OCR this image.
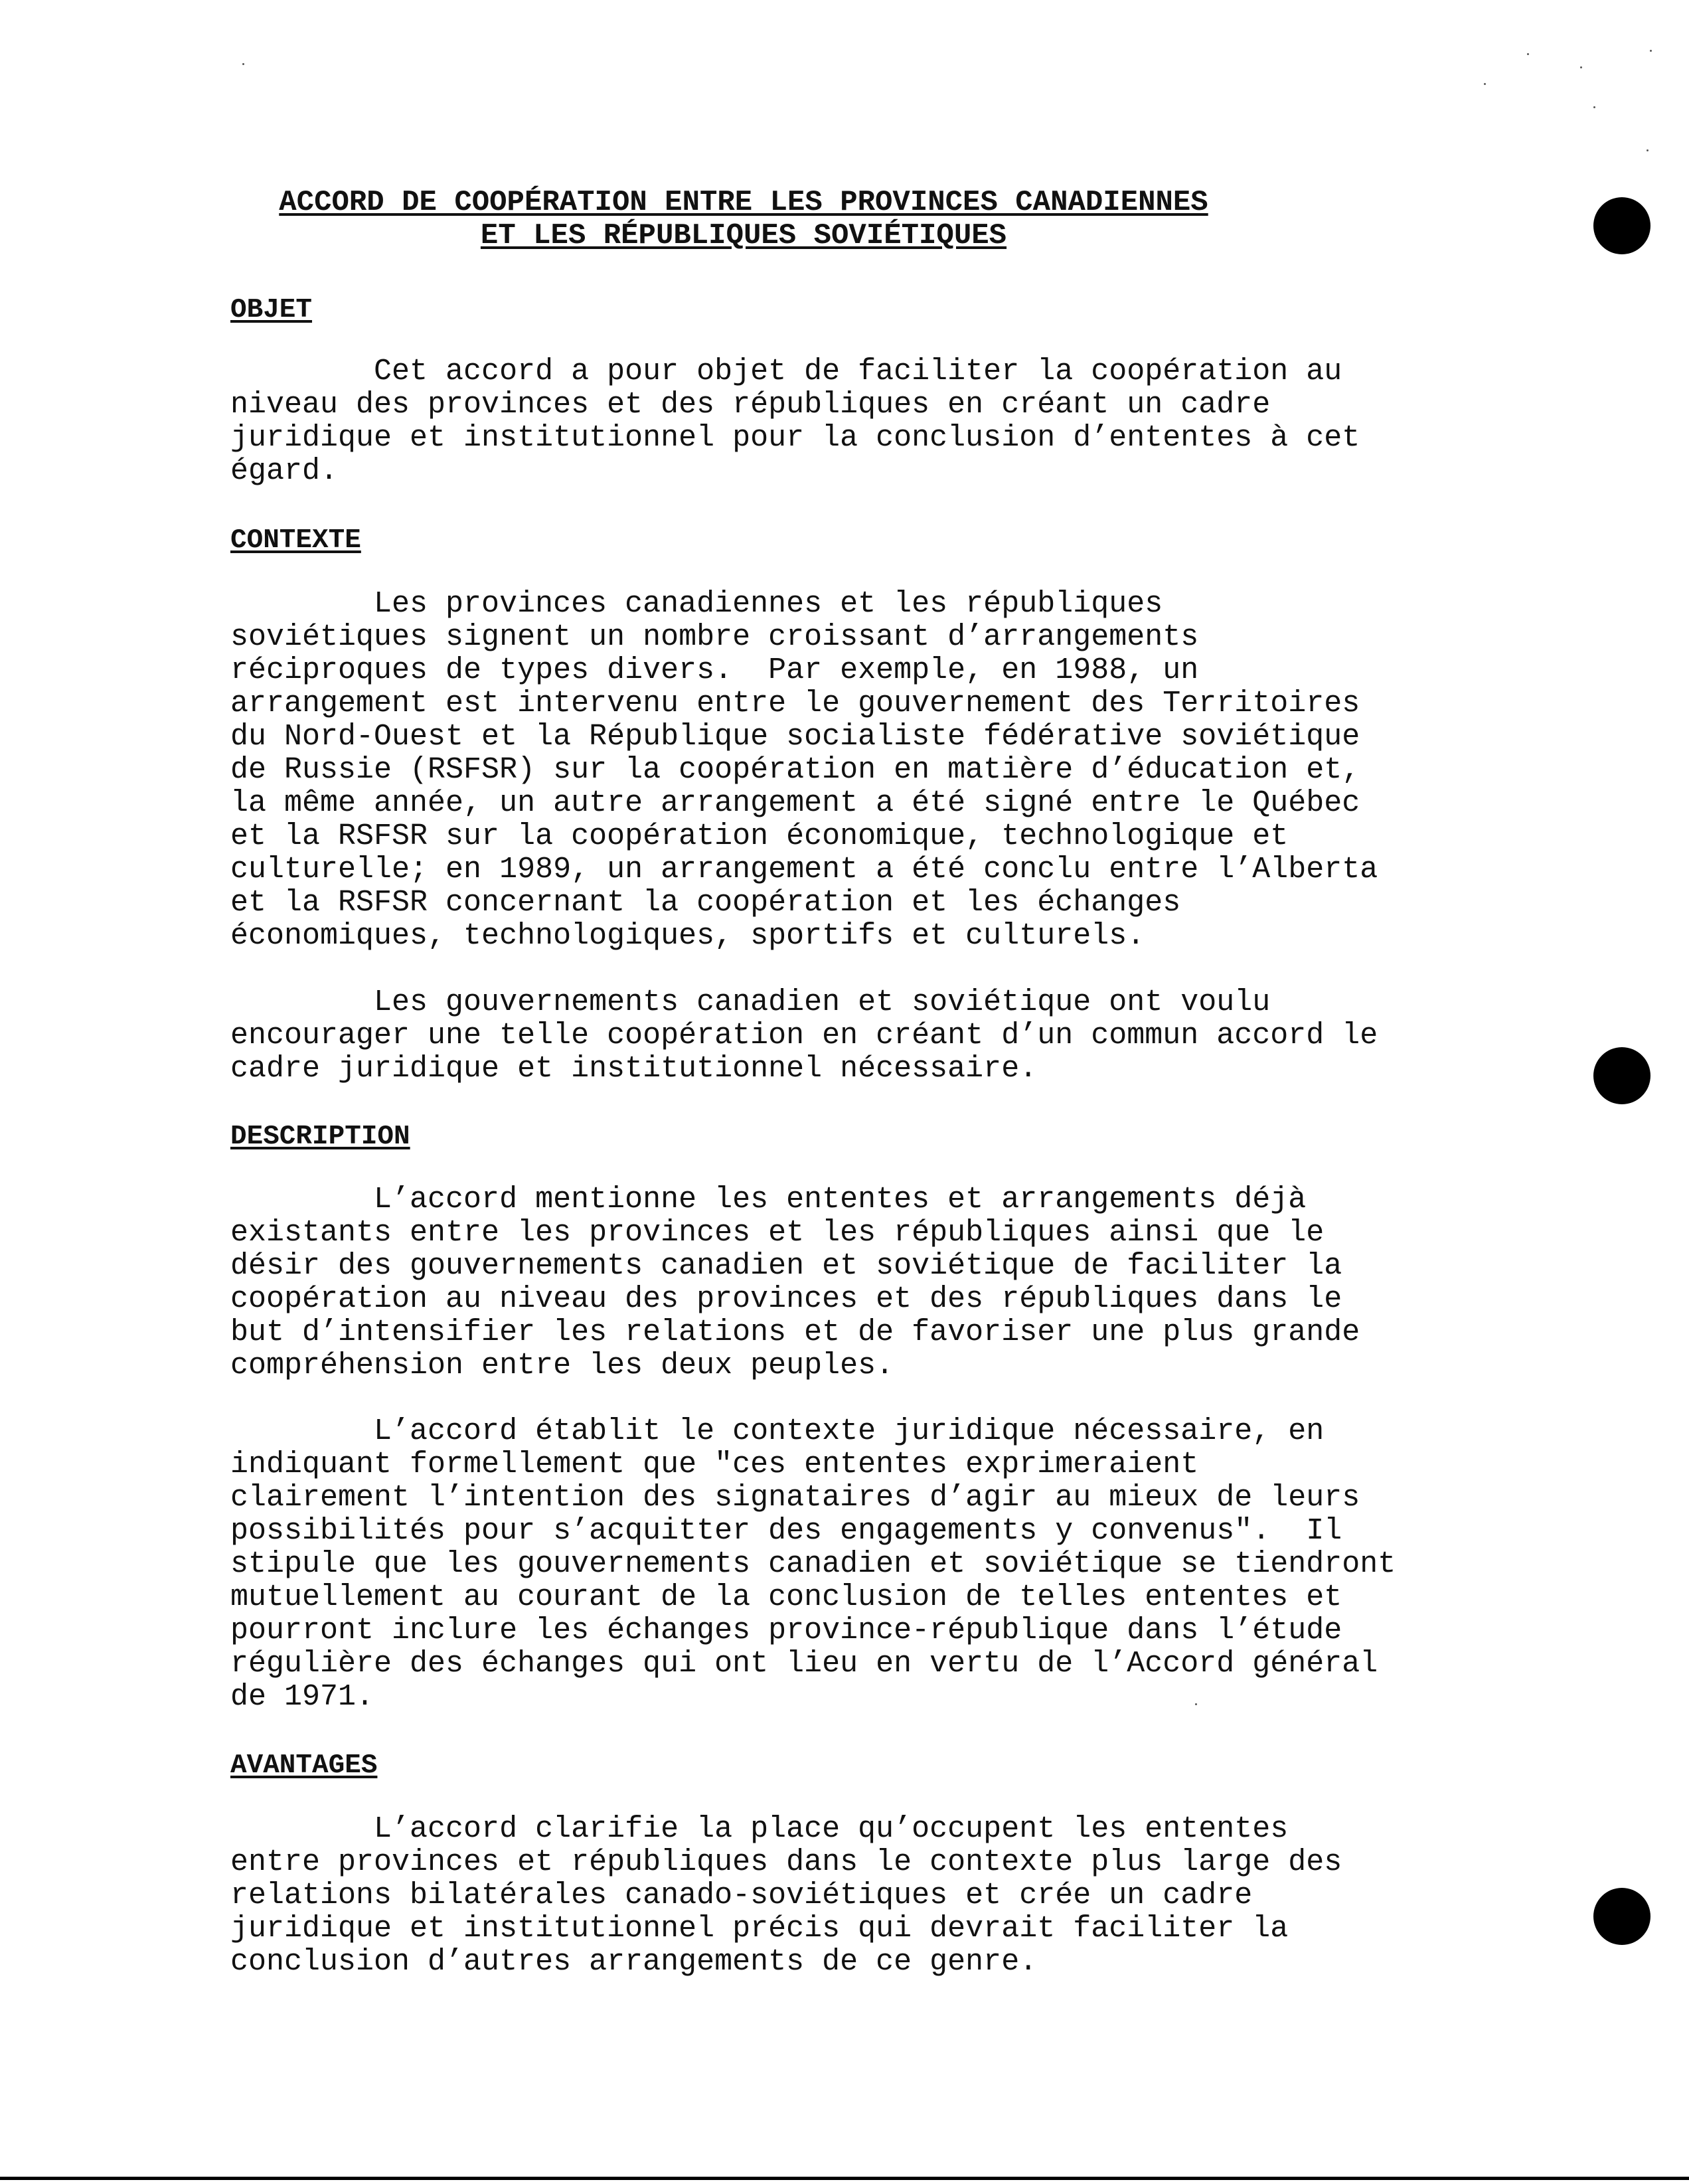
ACCORD DE COOPÉRATION ENTRE LES PROVINCES CANADIENNES
ET LES RÉPUBLIQUES SOVIÉTIQUES
OBJET
Cet accord a pour objet de faciliter la coopération au
niveau des provinces et des républiques en créant un cadre
juridique et institutionnel pour la conclusion d’ententes à cet
égard.
CONTEXTE
Les provinces canadiennes et les républiques
soviétiques signent un nombre croissant d’arrangements
réciproques de types divers.  Par exemple, en 1988, un
arrangement est intervenu entre le gouvernement des Territoires
du Nord-Ouest et la République socialiste fédérative soviétique
de Russie (RSFSR) sur la coopération en matière d’éducation et,
la même année, un autre arrangement a été signé entre le Québec
et la RSFSR sur la coopération économique, technologique et
culturelle; en 1989, un arrangement a été conclu entre l’Alberta
et la RSFSR concernant la coopération et les échanges
économiques, technologiques, sportifs et culturels.
Les gouvernements canadien et soviétique ont voulu
encourager une telle coopération en créant d’un commun accord le
cadre juridique et institutionnel nécessaire.
DESCRIPTION
L’accord mentionne les ententes et arrangements déjà
existants entre les provinces et les républiques ainsi que le
désir des gouvernements canadien et soviétique de faciliter la
coopération au niveau des provinces et des républiques dans le
but d’intensifier les relations et de favoriser une plus grande
compréhension entre les deux peuples.
L’accord établit le contexte juridique nécessaire, en
indiquant formellement que "ces ententes exprimeraient
clairement l’intention des signataires d’agir au mieux de leurs
possibilités pour s’acquitter des engagements y convenus".  Il
stipule que les gouvernements canadien et soviétique se tiendront
mutuellement au courant de la conclusion de telles ententes et
pourront inclure les échanges province-république dans l’étude
régulière des échanges qui ont lieu en vertu de l’Accord général
de 1971.
AVANTAGES
L’accord clarifie la place qu’occupent les ententes
entre provinces et républiques dans le contexte plus large des
relations bilatérales canado-soviétiques et crée un cadre
juridique et institutionnel précis qui devrait faciliter la
conclusion d’autres arrangements de ce genre.
